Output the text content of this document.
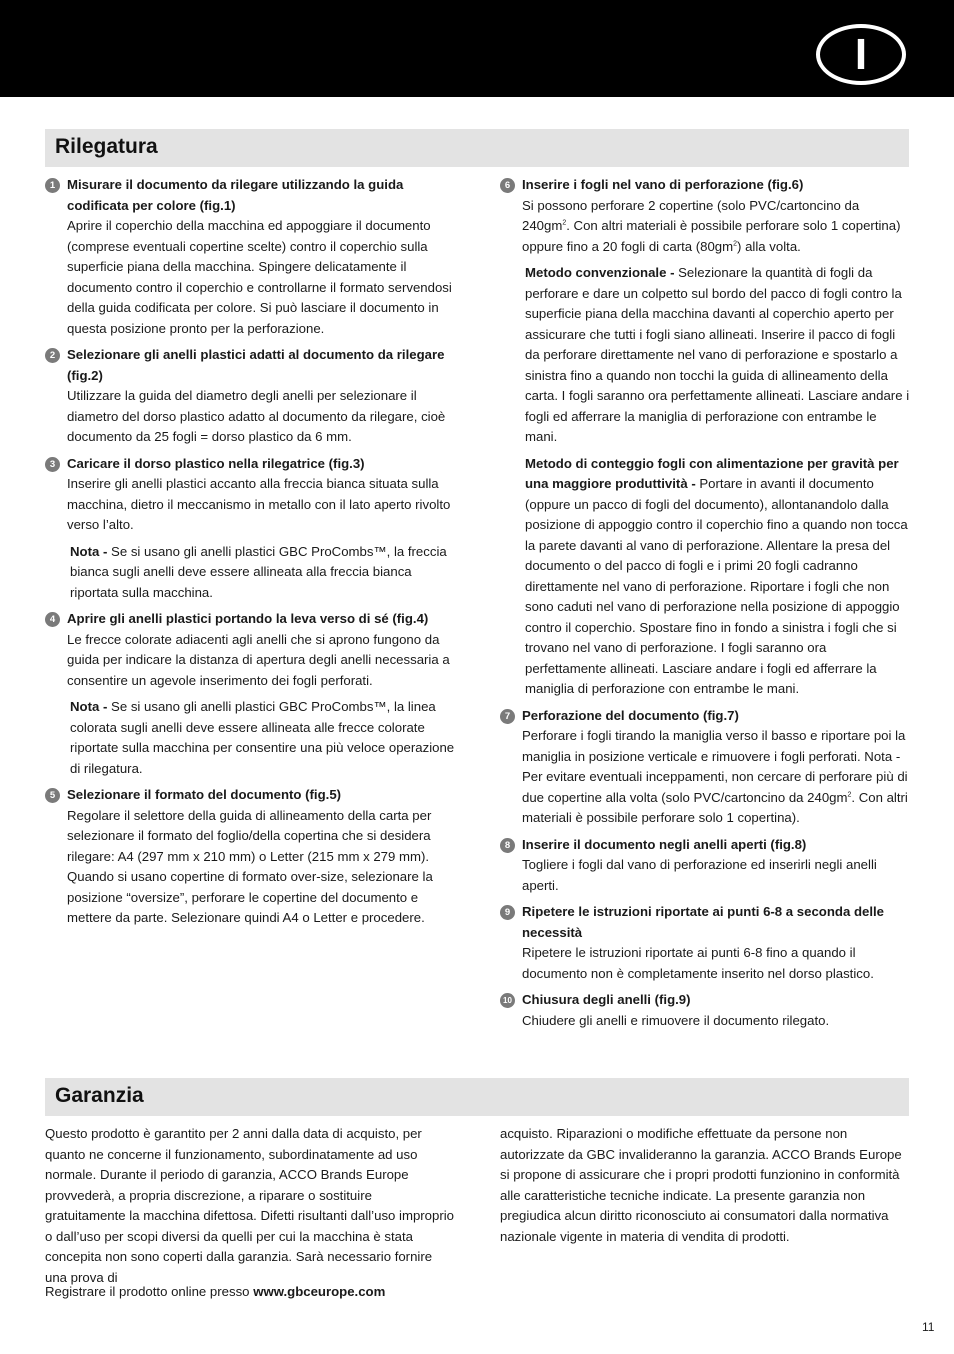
I
Rilegatura
1 Misurare il documento da rilegare utilizzando la guida codificata per colore (fig.1)
Aprire il coperchio della macchina ed appoggiare il documento (comprese eventuali copertine scelte) contro il coperchio sulla superficie piana della macchina. Spingere delicatamente il documento contro il coperchio e controllarne il formato servendosi della guida codificata per colore. Si può lasciare il documento in questa posizione pronto per la perforazione.
2 Selezionare gli anelli plastici adatti al documento da rilegare (fig.2)
Utilizzare la guida del diametro degli anelli per selezionare il diametro del dorso plastico adatto al documento da rilegare, cioè documento da 25 fogli = dorso plastico da 6 mm.
3 Caricare il dorso plastico nella rilegatrice (fig.3)
Inserire gli anelli plastici accanto alla freccia bianca situata sulla macchina, dietro il meccanismo in metallo con il lato aperto rivolto verso l’alto.
Nota - Se si usano gli anelli plastici GBC ProCombs™, la freccia bianca sugli anelli deve essere allineata alla freccia bianca riportata sulla macchina.
4 Aprire gli anelli plastici portando la leva verso di sé (fig.4)
Le frecce colorate adiacenti agli anelli che si aprono fungono da guida per indicare la distanza di apertura degli anelli necessaria a consentire un agevole inserimento dei fogli perforati.
Nota - Se si usano gli anelli plastici GBC ProCombs™, la linea colorata sugli anelli deve essere allineata alle frecce colorate riportate sulla macchina per consentire una più veloce operazione di rilegatura.
5 Selezionare il formato del documento (fig.5)
Regolare il selettore della guida di allineamento della carta per selezionare il formato del foglio/della copertina che si desidera rilegare: A4 (297 mm x 210 mm) o Letter (215 mm x 279 mm). Quando si usano copertine di formato over-size, selezionare la posizione “oversize”, perforare le copertine del documento e mettere da parte. Selezionare quindi A4 o Letter e procedere.
6 Inserire i fogli nel vano di perforazione (fig.6)
Si possono perforare 2 copertine (solo PVC/cartoncino da $240gm^2$. Con altri materiali è possibile perforare solo 1 copertina) oppure fino a 20 fogli di carta $(80gm^2)$ alla volta.
Metodo convenzionale - Selezionare la quantità di fogli da perforare e dare un colpetto sul bordo del pacco di fogli contro la superficie piana della macchina davanti al coperchio aperto per assicurare che tutti i fogli siano allineati. Inserire il pacco di fogli da perforare direttamente nel vano di perforazione e spostarlo a sinistra fino a quando non tocchi la guida di allineamento della carta. I fogli saranno ora perfettamente allineati. Lasciare andare i fogli ed afferrare la maniglia di perforazione con entrambe le mani.
Metodo di conteggio fogli con alimentazione per gravità per una maggiore produttività - Portare in avanti il documento (oppure un pacco di fogli del documento), allontanandolo dalla posizione di appoggio contro il coperchio fino a quando non tocca la parete davanti al vano di perforazione. Allentare la presa del documento o del pacco di fogli e i primi 20 fogli cadranno direttamente nel vano di perforazione. Riportare i fogli che non sono caduti nel vano di perforazione nella posizione di appoggio contro il coperchio. Spostare fino in fondo a sinistra i fogli che si trovano nel vano di perforazione. I fogli saranno ora perfettamente allineati. Lasciare andare i fogli ed afferrare la maniglia di perforazione con entrambe le mani.
7 Perforazione del documento (fig.7)
Perforare i fogli tirando la maniglia verso il basso e riportare poi la maniglia in posizione verticale e rimuovere i fogli perforati. Nota - Per evitare eventuali inceppamenti, non cercare di perforare più di due copertine alla volta (solo PVC/cartoncino da $240gm^2$. Con altri materiali è possibile perforare solo 1 copertina).
8 Inserire il documento negli anelli aperti (fig.8)
Togliere i fogli dal vano di perforazione ed inserirli negli anelli aperti.
9 Ripetere le istruzioni riportate ai punti 6-8 a seconda delle necessità
Ripetere le istruzioni riportate ai punti 6-8 fino a quando il documento non è completamente inserito nel dorso plastico.
10 Chiusura degli anelli (fig.9)
Chiudere gli anelli e rimuovere il documento rilegato.
Garanzia
Questo prodotto è garantito per 2 anni dalla data di acquisto, per quanto ne concerne il funzionamento, subordinatamente ad uso normale. Durante il periodo di garanzia, ACCO Brands Europe provvederà, a propria discrezione, a riparare o sostituire gratuitamente la macchina difettosa. Difetti risultanti dall’uso improprio o dall’uso per scopi diversi da quelli per cui la macchina è stata concepita non sono coperti dalla garanzia. Sarà necessario fornire una prova di
acquisto. Riparazioni o modifiche effettuate da persone non autorizzate da GBC invalideranno la garanzia. ACCO Brands Europe si propone di assicurare che i propri prodotti funzionino in conformità alle caratteristiche tecniche indicate. La presente garanzia non pregiudica alcun diritto riconosciuto ai consumatori dalla normativa nazionale vigente in materia di vendita di prodotti.
Registrare il prodotto online presso www.gbceurope.com
11
